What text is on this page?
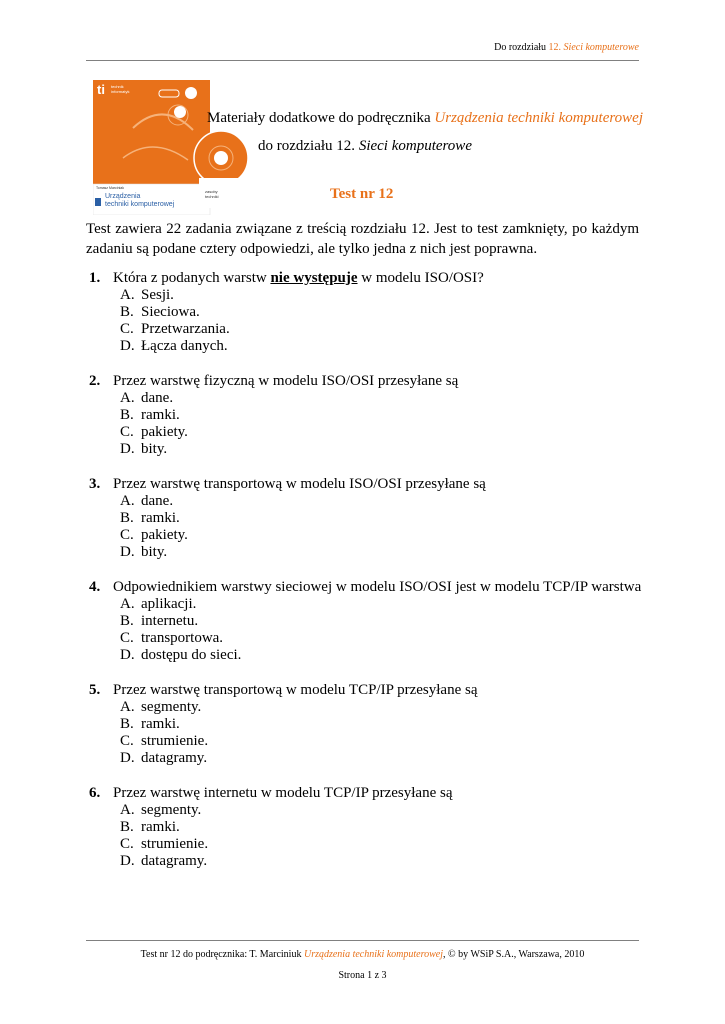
Do rozdziału 12. Sieci komputerowe
ti technik
informatyk
Tomasz Marciniak
Urządzenia
techniki komputerowej
zasoby
techniki
Materiały dodatkowe do podręcznika Urządzenia techniki komputerowej
do rozdziału 12. Sieci komputerowe
Test nr 12
Test zawiera 22 zadania związane z treścią rozdziału 12. Jest to test zamknięty, po każdym zadaniu są podane cztery odpowiedzi, ale tylko jedna z nich jest poprawna.
1. Która z podanych warstw nie występuje w modelu ISO/OSI?
A. Sesji.
B. Sieciowa.
C. Przetwarzania.
D. Łącza danych.
2. Przez warstwę fizyczną w modelu ISO/OSI przesyłane są
A. dane.
B. ramki.
C. pakiety.
D. bity.
3. Przez warstwę transportową w modelu ISO/OSI przesyłane są
A. dane.
B. ramki.
C. pakiety.
D. bity.
4. Odpowiednikiem warstwy sieciowej w modelu ISO/OSI jest w modelu TCP/IP warstwa
A. aplikacji.
B. internetu.
C. transportowa.
D. dostępu do sieci.
5. Przez warstwę transportową w modelu TCP/IP przesyłane są
A. segmenty.
B. ramki.
C. strumienie.
D. datagramy.
6. Przez warstwę internetu w modelu TCP/IP przesyłane są
A. segmenty.
B. ramki.
C. strumienie.
D. datagramy.
Test nr 12 do podręcznika: T. Marciniuk Urządzenia techniki komputerowej, © by WSiP S.A., Warszawa, 2010
Strona 1 z 3
